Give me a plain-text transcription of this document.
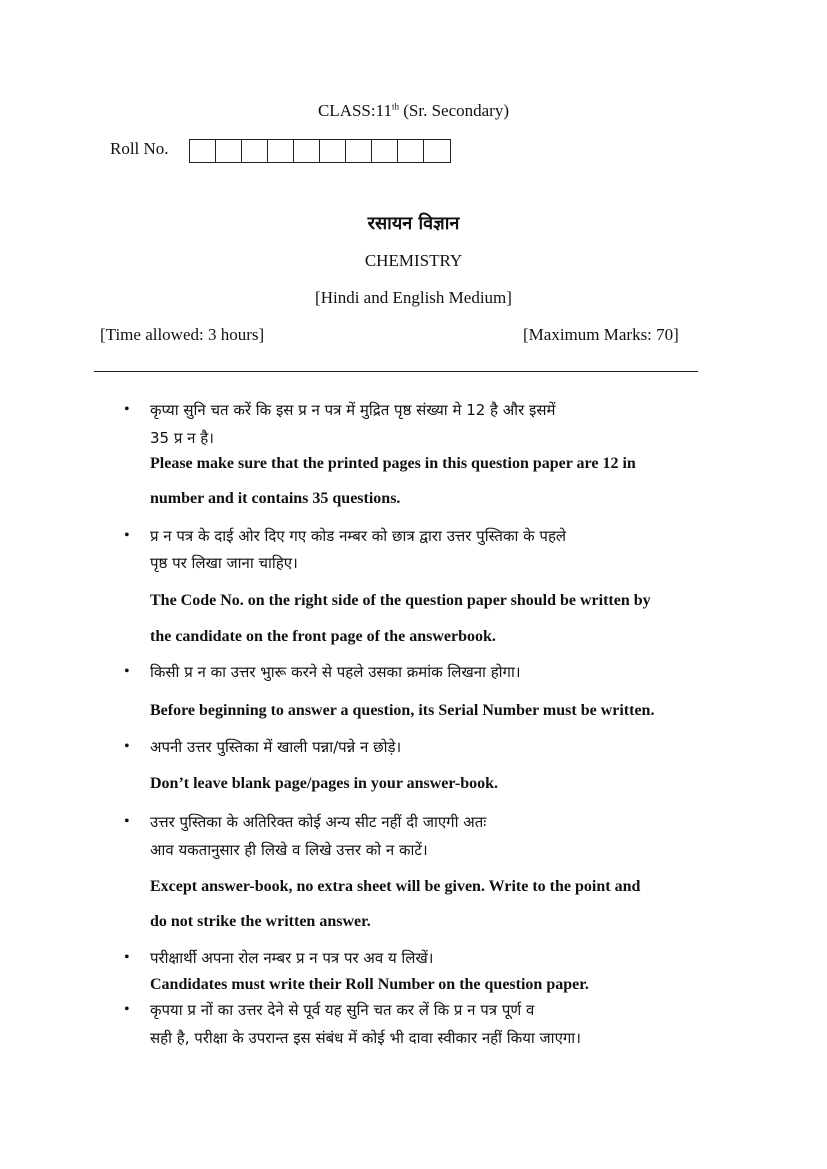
CLASS:11th (Sr. Secondary)
Roll No.
रसायन विज्ञान
CHEMISTRY
[Hindi and English Medium]
[Time allowed: 3 hours]	[Maximum Marks: 70]
• कृप्या सुनि चत करें कि इस प्र न पत्र में मुद्रित पृष्ठ संख्या मे 12 है और इसमें
35 प्र न है।
Please make sure that the printed pages in this question paper are 12 in
number and it contains 35 questions.
• प्र न पत्र के दाई ओर दिए गए कोड नम्बर को छात्र द्वारा उत्तर पुस्तिका के पहले
पृष्ठ पर लिखा जाना चाहिए।
The Code No. on the right side of the question paper should be written by
the candidate on the front page of the answerbook.
• किसी प्र न का उत्तर भुारू करने से पहले उसका क्रमांक लिखना होगा।
Before beginning to answer a question, its Serial Number must be written.
• अपनी उत्तर पुस्तिका में खाली पन्ना/पन्ने न छोड़े।
Don’t leave blank page/pages in your answer-book.
• उत्तर पुस्तिका के अतिरिक्त कोई अन्य सीट नहीं दी जाएगी अतः
आव यकतानुसार ही लिखे व लिखे उत्तर को न काटें।
Except answer-book, no extra sheet will be given. Write to the point and
do not strike the written answer.
• परीक्षार्थी अपना रोल नम्बर प्र न पत्र पर अव य लिखें।
Candidates must write their Roll Number on the question paper.
• कृपया प्र नों का उत्तर देने से पूर्व यह सुनि चत कर लें कि प्र न पत्र पूर्ण व
सही है, परीक्षा के उपरान्त इस संबंध में कोई भी दावा स्वीकार नहीं किया जाएगा।
